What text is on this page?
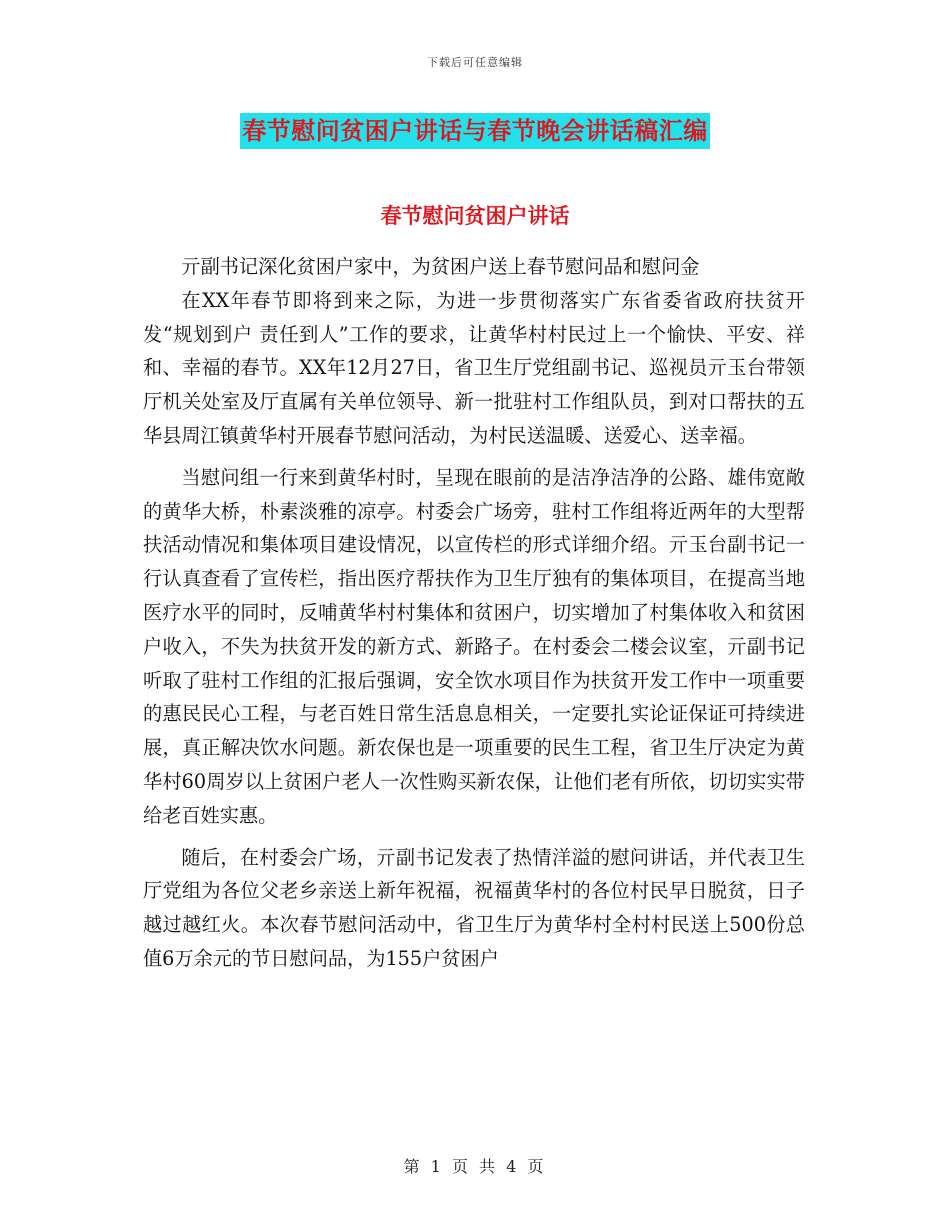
下载后可任意编辑
春节慰问贫困户讲话与春节晚会讲话稿汇编
春节慰问贫困户讲话

亓副书记深化贫困户家中，为贫困户送上春节慰问品和慰问金

在XX年春节即将到来之际，为进一步贯彻落实广东省委省政府扶贫开发“规划到户 责任到人”工作的要求，让黄华村村民过上一个愉快、平安、祥和、幸福的春节。XX年12月27日，省卫生厅党组副书记、巡视员亓玉台带领厅机关处室及厅直属有关单位领导、新一批驻村工作组队员，到对口帮扶的五华县周江镇黄华村开展春节慰问活动，为村民送温暖、送爱心、送幸福。

当慰问组一行来到黄华村时，呈现在眼前的是洁净洁净的公路、雄伟宽敞的黄华大桥，朴素淡雅的凉亭。村委会广场旁，驻村工作组将近两年的大型帮扶活动情况和集体项目建设情况，以宣传栏的形式详细介绍。亓玉台副书记一行认真查看了宣传栏，指出医疗帮扶作为卫生厅独有的集体项目，在提高当地医疗水平的同时，反哺黄华村村集体和贫困户，切实增加了村集体收入和贫困户收入，不失为扶贫开发的新方式、新路子。在村委会二楼会议室，亓副书记听取了驻村工作组的汇报后强调，安全饮水项目作为扶贫开发工作中一项重要的惠民民心工程，与老百姓日常生活息息相关，一定要扎实论证保证可持续进展，真正解决饮水问题。新农保也是一项重要的民生工程，省卫生厅决定为黄华村60周岁以上贫困户老人一次性购买新农保，让他们老有所依，切切实实带给老百姓实惠。

随后，在村委会广场，亓副书记发表了热情洋溢的慰问讲话，并代表卫生厅党组为各位父老乡亲送上新年祝福，祝福黄华村的各位村民早日脱贫，日子越过越红火。本次春节慰问活动中，省卫生厅为黄华村全村村民送上500份总值6万余元的节日慰问品，为155户贫困户

第 1 页 共 4 页
